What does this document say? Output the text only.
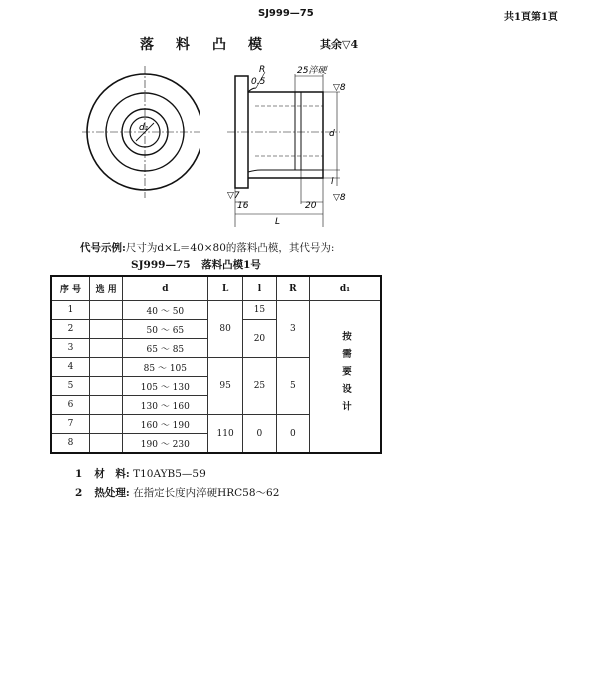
SJ999—75	共1頁第1頁
落料凸模	其余▽4
d₁
R	25淬硬
0.5
▽8
d
l
▽8
▽7
16	20
L
代号示例:尺寸为d×L＝40×80的落料凸模，其代号为:
SJ999—75　落料凸模1号
序 号	选 用	d	L	l	R	d₁
1		40 ～ 50	80	15	3	按需要设计
2		50 ～ 65		20		
3		65 ～ 85				
4		85 ～ 105	95	25	5	
5		105 ～ 130				
6		130 ～ 160				
7		160 ～ 190	110	0	0	
8		190 ～ 230				
1 材　料: T10AYB5—59
2 热处理: 在指定长度内淬硬HRC58～62
